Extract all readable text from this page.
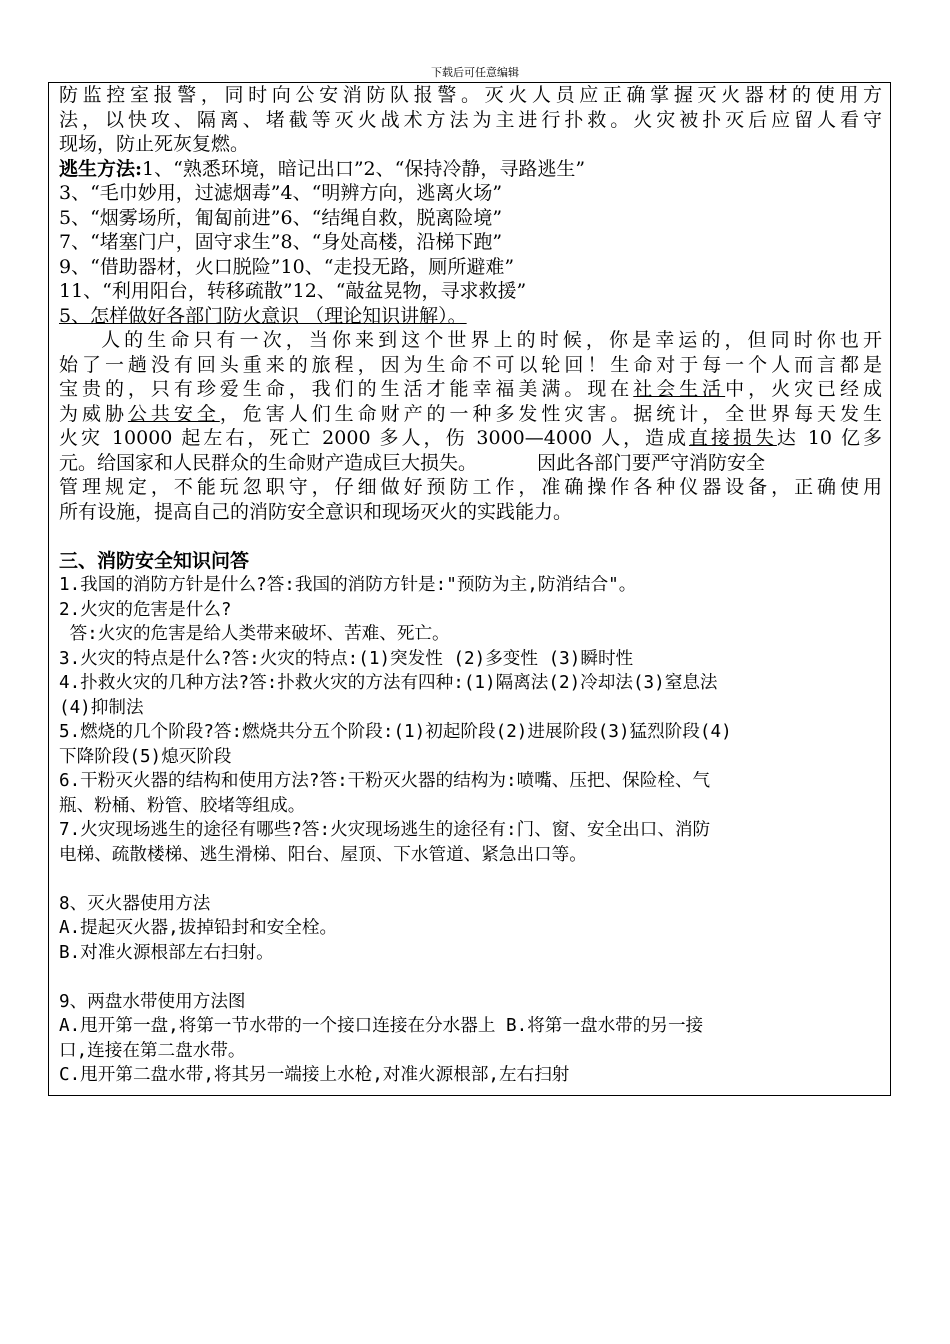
下载后可任意编辑
防监控室报警，同时向公安消防队报警。灭火人员应正确掌握灭火器材的使用方
法，以快攻、隔离、堵截等灭火战术方法为主进行扑救。火灾被扑灭后应留人看守
现场，防止死灰复燃。
逃生方法:1、“熟悉环境，暗记出口”2、“保持冷静，寻路逃生”
3、“毛巾妙用，过滤烟毒”4、“明辨方向，逃离火场”
5、“烟雾场所，匍匐前进”6、“结绳自救，脱离险境”
7、“堵塞门户，固守求生”8、“身处高楼，沿梯下跑”
9、“借助器材，火口脱险”10、“走投无路，厕所避难”
11、“利用阳台，转移疏散”12、“敲盆晃物，寻求救援”
5、怎样做好各部门防火意识 （理论知识讲解）。
人的生命只有一次，当你来到这个世界上的时候，你是幸运的，但同时你也开
始了一趟没有回头重来的旅程，因为生命不可以轮回！生命对于每一个人而言都是
宝贵的，只有珍爱生命，我们的生活才能幸福美满。现在社会生活中，火灾已经成
为威胁公共安全，危害人们生命财产的一种多发性灾害。据统计，全世界每天发生
火灾 10000 起左右，死亡 2000 多人，伤 3000—4000 人，造成直接损失达 10 亿多
元。给国家和人民群众的生命财产造成巨大损失。	因此各部门要严守消防安全
管理规定，不能玩忽职守，仔细做好预防工作，准确操作各种仪器设备，正确使用
所有设施，提高自己的消防安全意识和现场灭火的实践能力。
三、消防安全知识问答
1.我国的消防方针是什么?答:我国的消防方针是:"预防为主,防消结合"。
2.火灾的危害是什么?
答:火灾的危害是给人类带来破坏、苦难、死亡。
3.火灾的特点是什么?答:火灾的特点:(1)突发性 (2)多变性 (3)瞬时性
4.扑救火灾的几种方法?答:扑救火灾的方法有四种:(1)隔离法(2)冷却法(3)窒息法
(4)抑制法
5.燃烧的几个阶段?答:燃烧共分五个阶段:(1)初起阶段(2)进展阶段(3)猛烈阶段(4)
下降阶段(5)熄灭阶段
6.干粉灭火器的结构和使用方法?答:干粉灭火器的结构为:喷嘴、压把、保险栓、气
瓶、粉桶、粉管、胶堵等组成。
7.火灾现场逃生的途径有哪些?答:火灾现场逃生的途径有:门、窗、安全出口、消防
电梯、疏散楼梯、逃生滑梯、阳台、屋顶、下水管道、紧急出口等。
8、灭火器使用方法
A.提起灭火器,拔掉铅封和安全栓。
B.对准火源根部左右扫射。
9、两盘水带使用方法图
A.甩开第一盘,将第一节水带的一个接口连接在分水器上 B.将第一盘水带的另一接
口,连接在第二盘水带。
C.甩开第二盘水带,将其另一端接上水枪,对准火源根部,左右扫射
